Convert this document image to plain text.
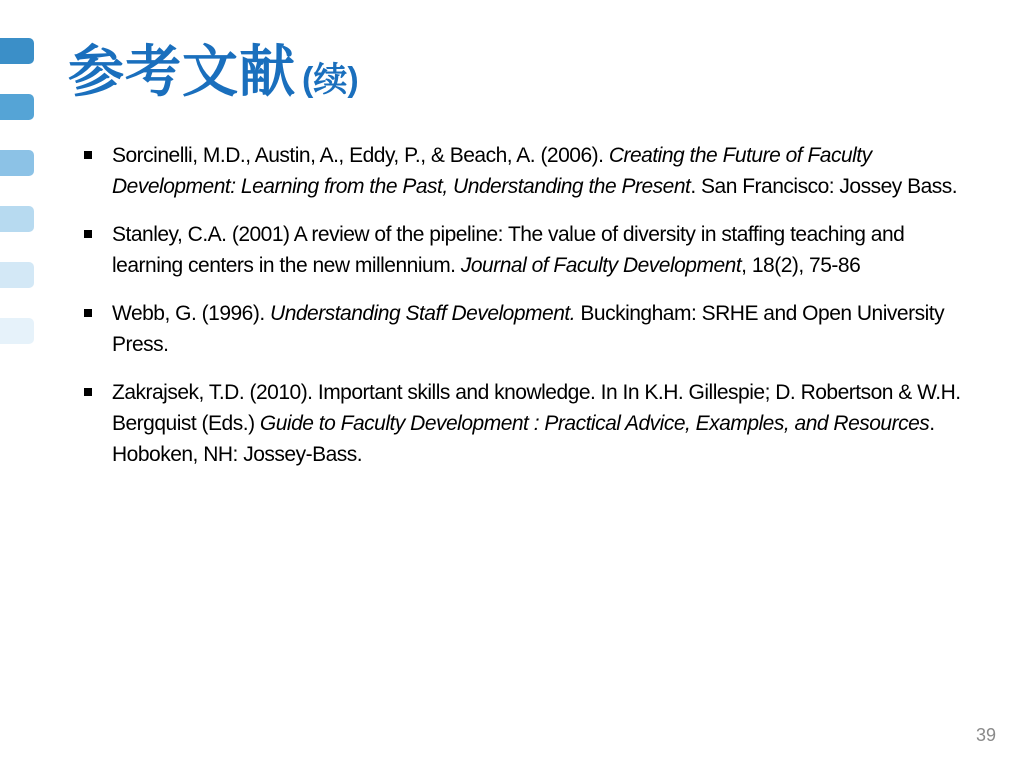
参考文献 (续)
Sorcinelli, M.D., Austin, A., Eddy, P., & Beach, A. (2006). Creating the Future of Faculty Development: Learning from the Past, Understanding the Present. San Francisco: Jossey Bass.
Stanley, C.A. (2001) A review of the pipeline: The value of diversity in staffing teaching and learning centers in the new millennium. Journal of Faculty Development, 18(2), 75-86
Webb, G. (1996). Understanding Staff Development. Buckingham: SRHE and Open University Press.
Zakrajsek, T.D. (2010). Important skills and knowledge. In In K.H. Gillespie; D. Robertson & W.H. Bergquist (Eds.) Guide to Faculty Development : Practical Advice, Examples, and Resources. Hoboken, NH: Jossey-Bass.
39
